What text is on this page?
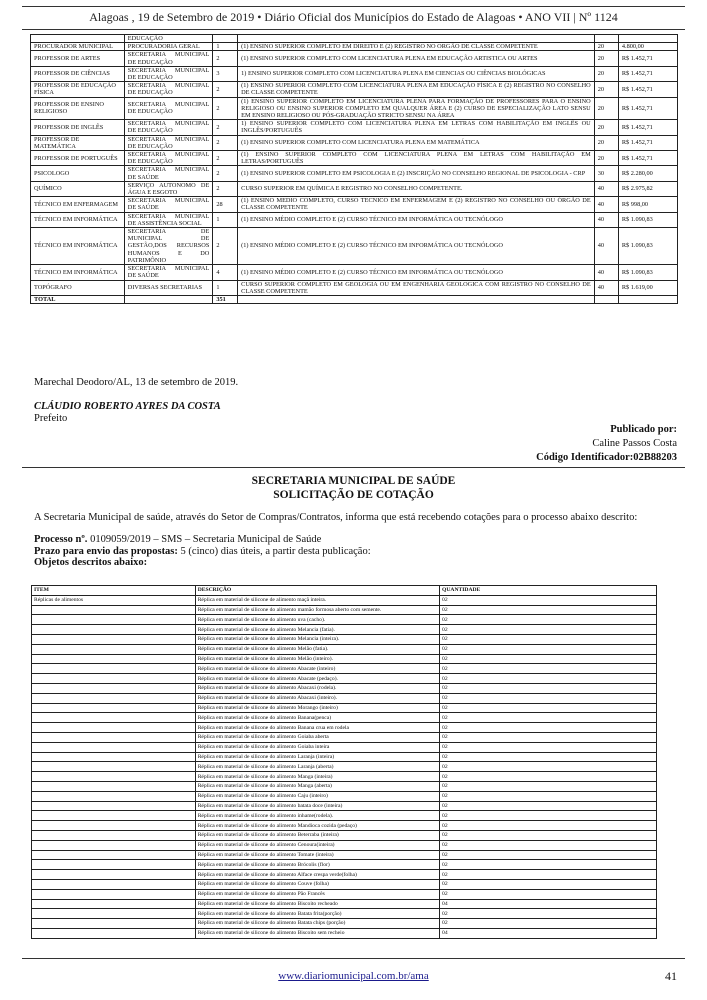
Alagoas , 19 de Setembro de 2019 • Diário Oficial dos Municípios do Estado de Alagoas • ANO VII | Nº 1124
	EDUCAÇÃO				
PROCURADOR MUNICIPAL	PROCURADORIA GERAL	1	(1) ENSINO SUPERIOR COMPLETO EM DIREITO E (2) REGISTRO NO ORGÃO DE CLASSE COMPETENTE	20	4.800,00
PROFESSOR DE ARTES	SECRETARIA MUNICIPAL DE EDUCAÇÃO	2	(1) ENSINO SUPERIOR COMPLETO COM LICENCIATURA PLENA EM EDUCAÇÃO ARTISTICA OU ARTES	20	R$ 1.452,71
PROFESSOR DE CIÊNCIAS	SECRETARIA MUNICIPAL DE EDUCAÇÃO	3	1) ENSINO SUPERIOR COMPLETO COM LICENCIATURA PLENA EM CIENCIAS OU CIÊNCIAS BIOLÓGICAS	20	R$ 1.452,71
PROFESSOR DE EDUCAÇÃO FÍSICA	SECRETARIA MUNICIPAL DE EDUCAÇÃO	2	(1) ENSINO SUPERIOR COMPLETO COM LICENCIATURA PLENA EM EDUCAÇÃO FÍSICA E (2) REGISTRO NO CONSELHO DE CLASSE COMPETENTE	20	R$ 1.452,71
PROFESSOR DE ENSINO RELIGIOSO	SECRETARIA MUNICIPAL DE EDUCAÇÃO	2	(1) ENSINO SUPERIOR COMPLETO EM LICENCIATURA PLENA PARA FORMAÇÃO DE PROFESSORES PARA O ENSINO RELIGIOSO OU ENSINO SUPERIOR COMPLETO EM QUALQUER ÁREA E (2) CURSO DE ESPECIALIZAÇÃO LATO SENSU EM ENSINO RELIGIOSO OU PÓS-GRADUAÇÃO STRICTO SENSU NA ÁREA	20	R$ 1.452,71
PROFESSOR DE INGLÊS	SECRETARIA MUNICIPAL DE EDUCAÇÃO	2	1) ENSINO SUPERIOR COMPLETO COM LICENCIATURA PLENA EM LETRAS COM HABILITAÇÃO EM INGLÊS OU INGLÊS/PORTUGUÊS	20	R$ 1.452,71
PROFESSOR DE MATEMÁTICA	SECRETARIA MUNICIPAL DE EDUCAÇÃO	2	(1) ENSINO SUPERIOR COMPLETO COM LICENCIATURA PLENA EM MATEMÁTICA	20	R$ 1.452,71
PROFESSOR DE PORTUGUÊS	SECRETARIA MUNICIPAL DE EDUCAÇÃO	2	(1) ENSINO SUPERIOR COMPLETO COM LICENCIATURA PLENA EM LETRAS COM HABILITAÇÃO EM LETRAS/PORTUGUÊS	20	R$ 1.452,71
PSICOLOGO	SECRETARIA MUNICIPAL DE SAÚDE	2	(1) ENSINO SUPERIOR COMPLETO EM PSICOLOGIA E (2) INSCRIÇÃO NO CONSELHO REGIONAL DE PSICOLOGIA - CRP	30	R$ 2.280,00
QUÍMICO	SERVIÇO AUTONOMO DE ÁGUA E ESGOTO	2	CURSO SUPERIOR EM QUÍMICA E REGISTRO NO CONSELHO COMPETENTE.	40	R$ 2.975,82
TÉCNICO EM ENFERMAGEM	SECRETARIA MUNICIPAL DE SAÚDE	28	(1) ENSINO MEDIO COMPLETO, CURSO TECNICO EM ENFERMAGEM E (2) REGISTRO NO CONSELHO OU ÓRGÃO DE CLASSE COMPETENTE	40	R$ 998,00
TÉCNICO EM INFORMÁTICA	SECRETARIA MUNICIPAL DE ASSISTÊNCIA SOCIAL	1	(1) ENSINO MÉDIO COMPLETO E (2) CURSO TÉCNICO EM INFORMÁTICA OU TECNÓLOGO	40	R$ 1.090,83
TÉCNICO EM INFORMÁTICA	SECRETARIA DE MUNICIPAL DE GESTÃO,DOS RECURSOS HUMANOS E DO PATRIMÔNIO	2	(1) ENSINO MÉDIO COMPLETO E (2) CURSO TÉCNICO EM INFORMÁTICA OU TECNÓLOGO	40	R$ 1.090,83
TÉCNICO EM INFORMÁTICA	SECRETARIA MUNICIPAL DE SAÚDE	4	(1) ENSINO MÉDIO COMPLETO E (2) CURSO TÉCNICO EM INFORMÁTICA OU TECNÓLOGO	40	R$ 1.090,83
TOPÓGRAFO	DIVERSAS SECRETARIAS	1	CURSO SUPERIOR COMPLETO EM GEOLOGIA OU EM ENGENHARIA GEOLOGICA COM REGISTRO NO CONSELHO DE CLASSE COMPETENTE	40	R$ 1.619,00
TOTAL		351			
Marechal Deodoro/AL, 13 de setembro de 2019.
CLÁUDIO ROBERTO AYRES DA COSTA
Prefeito
Publicado por:
Caline Passos Costa
Código Identificador:02B88203
SECRETARIA MUNICIPAL DE SAÚDE
SOLICITAÇÃO DE COTAÇÃO
A Secretaria Municipal de saúde, através do Setor de Compras/Contratos, informa que está recebendo cotações para o processo abaixo descrito:
Processo nº. 0109059/2019 – SMS – Secretaria Municipal de Saúde
Prazo para envio das propostas: 5 (cinco) dias úteis, a partir desta publicação:
Objetos descritos abaixo:
ITEM	DESCRIÇÃO	QUANTIDADE
Réplicas de alimentos	Réplica em material de silicone de alimento maçã inteira.	02
	Réplica em material de silicone do alimento mamão formosa aberto com semente.	02
	Réplica em material de silicone do alimento uva (cacho).	02
	Réplica em material de silicone do alimento Melancia (fatia).	02
	Réplica em material de silicone do alimento Melancia (inteira).	02
	Réplica em material de silicone do alimento Melão (fatia).	02
	Réplica em material de silicone do alimento Melão (inteiro).	02
	Réplica em material de silicone do alimento Abacate (inteiro)	02
	Réplica em material de silicone do alimento Abacate (pedaço).	02
	Réplica em material de silicone do alimento Abacaxi (rodela).	02
	Réplica em material de silicone do alimento Abacaxi (inteiro).	02
	Réplica em material de silicone do alimento Morango (inteiro)	02
	Réplica em material de silicone do alimento Banana(penca)	02
	Réplica em material de silicone do alimento Banana crua em rodela	02
	Réplica em material de silicone do alimento Goiaba aberta	02
	Réplica em material de silicone do alimento Goiaba inteira	02
	Réplica em material de silicone do alimento Laranja (inteira)	02
	Réplica em material de silicone do alimento Laranja (aberta)	02
	Réplica em material de silicone do alimento Manga (inteira)	02
	Réplica em material de silicone do alimento Manga (aberta)	02
	Réplica em material de silicone do alimento Caju (inteiro)	02
	Réplica em material de silicone do alimento batata doce (inteira)	02
	Réplica em material de silicone do alimento inhame(rodela).	02
	Réplica em material de silicone do alimento Mandioca cozida (pedaço)	02
	Réplica em material de silicone do alimento Beterraba (inteira)	02
	Réplica em material de silicone do alimento Cenoura(inteira)	02
	Réplica em material de silicone do alimento Tomate (inteira)	02
	Réplica em material de silicone do alimento Brócolis (flor)	02
	Réplica em material de silicone do alimento Alface crespa verde(folha)	02
	Réplica em material de silicone do alimento Couve (folha)	02
	Réplica em material de silicone do alimento Pão Francês	02
	Réplica em material de silicone do alimento Biscoito recheado	04
	Réplica em material de silicone do alimento Batata frita(porção)	02
	Réplica em material de silicone do alimento Batata chips (porção)	02
	Réplica em material de silicone do alimento Biscoito sem recheio	04
www.diariomunicipal.com.br/ama	41
